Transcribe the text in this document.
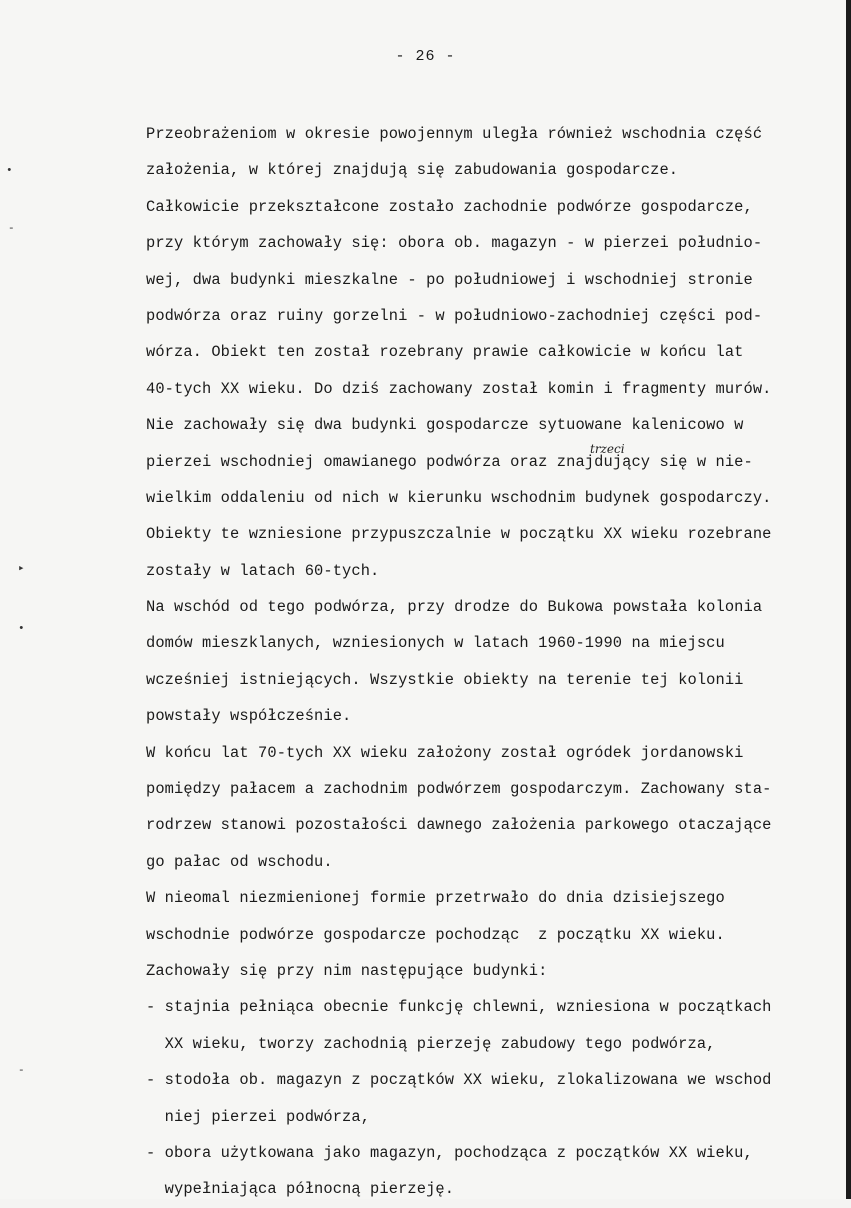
- 26 -
Przeobrażeniom w okresie powojennym uległa również wschodnia część
założenia, w której znajdują się zabudowania gospodarcze.
Całkowicie przekształcone zostało zachodnie podwórze gospodarcze,
przy którym zachowały się: obora ob. magazyn - w pierzei południo-
wej, dwa budynki mieszkalne - po południowej i wschodniej stronie
podwórza oraz ruiny gorzelni - w południowo-zachodniej części pod-
wórza. Obiekt ten został rozebrany prawie całkowicie w końcu lat
40-tych XX wieku. Do dziś zachowany został komin i fragmenty murów.
Nie zachowały się dwa budynki gospodarcze sytuowane kalenicowo w
pierzei wschodniej omawianego podwórza oraz znajdujący się w nie-
wielkim oddaleniu od nich w kierunku wschodnim budynek gospodarczy.
Obiekty te wzniesione przypuszczalnie w początku XX wieku rozebrane
zostały w latach 60-tych.
Na wschód od tego podwórza, przy drodze do Bukowa powstała kolonia
domów mieszklanych, wzniesionych w latach 1960-1990 na miejscu
wcześniej istniejących. Wszystkie obiekty na terenie tej kolonii
powstały współcześnie.
W końcu lat 70-tych XX wieku założony został ogródek jordanowski
pomiędzy pałacem a zachodnim podwórzem gospodarczym. Zachowany sta-
rodrzew stanowi pozostałości dawnego założenia parkowego otaczające
go pałac od wschodu.
W nieomal niezmienionej formie przetrwało do dnia dzisiejszego
wschodnie podwórze gospodarcze pochodząc  z początku XX wieku.
Zachowały się przy nim następujące budynki:
- stajnia pełniąca obecnie funkcję chlewni, wzniesiona w początkach
XX wieku, tworzy zachodnią pierzeję zabudowy tego podwórza,
- stodoła ob. magazyn z początków XX wieku, zlokalizowana we wschod
niej pierzei podwórza,
- obora użytkowana jako magazyn, pochodząca z początków XX wieku,
wypełniająca północną pierzeję.
trzeci
•
-
▸
•
-
